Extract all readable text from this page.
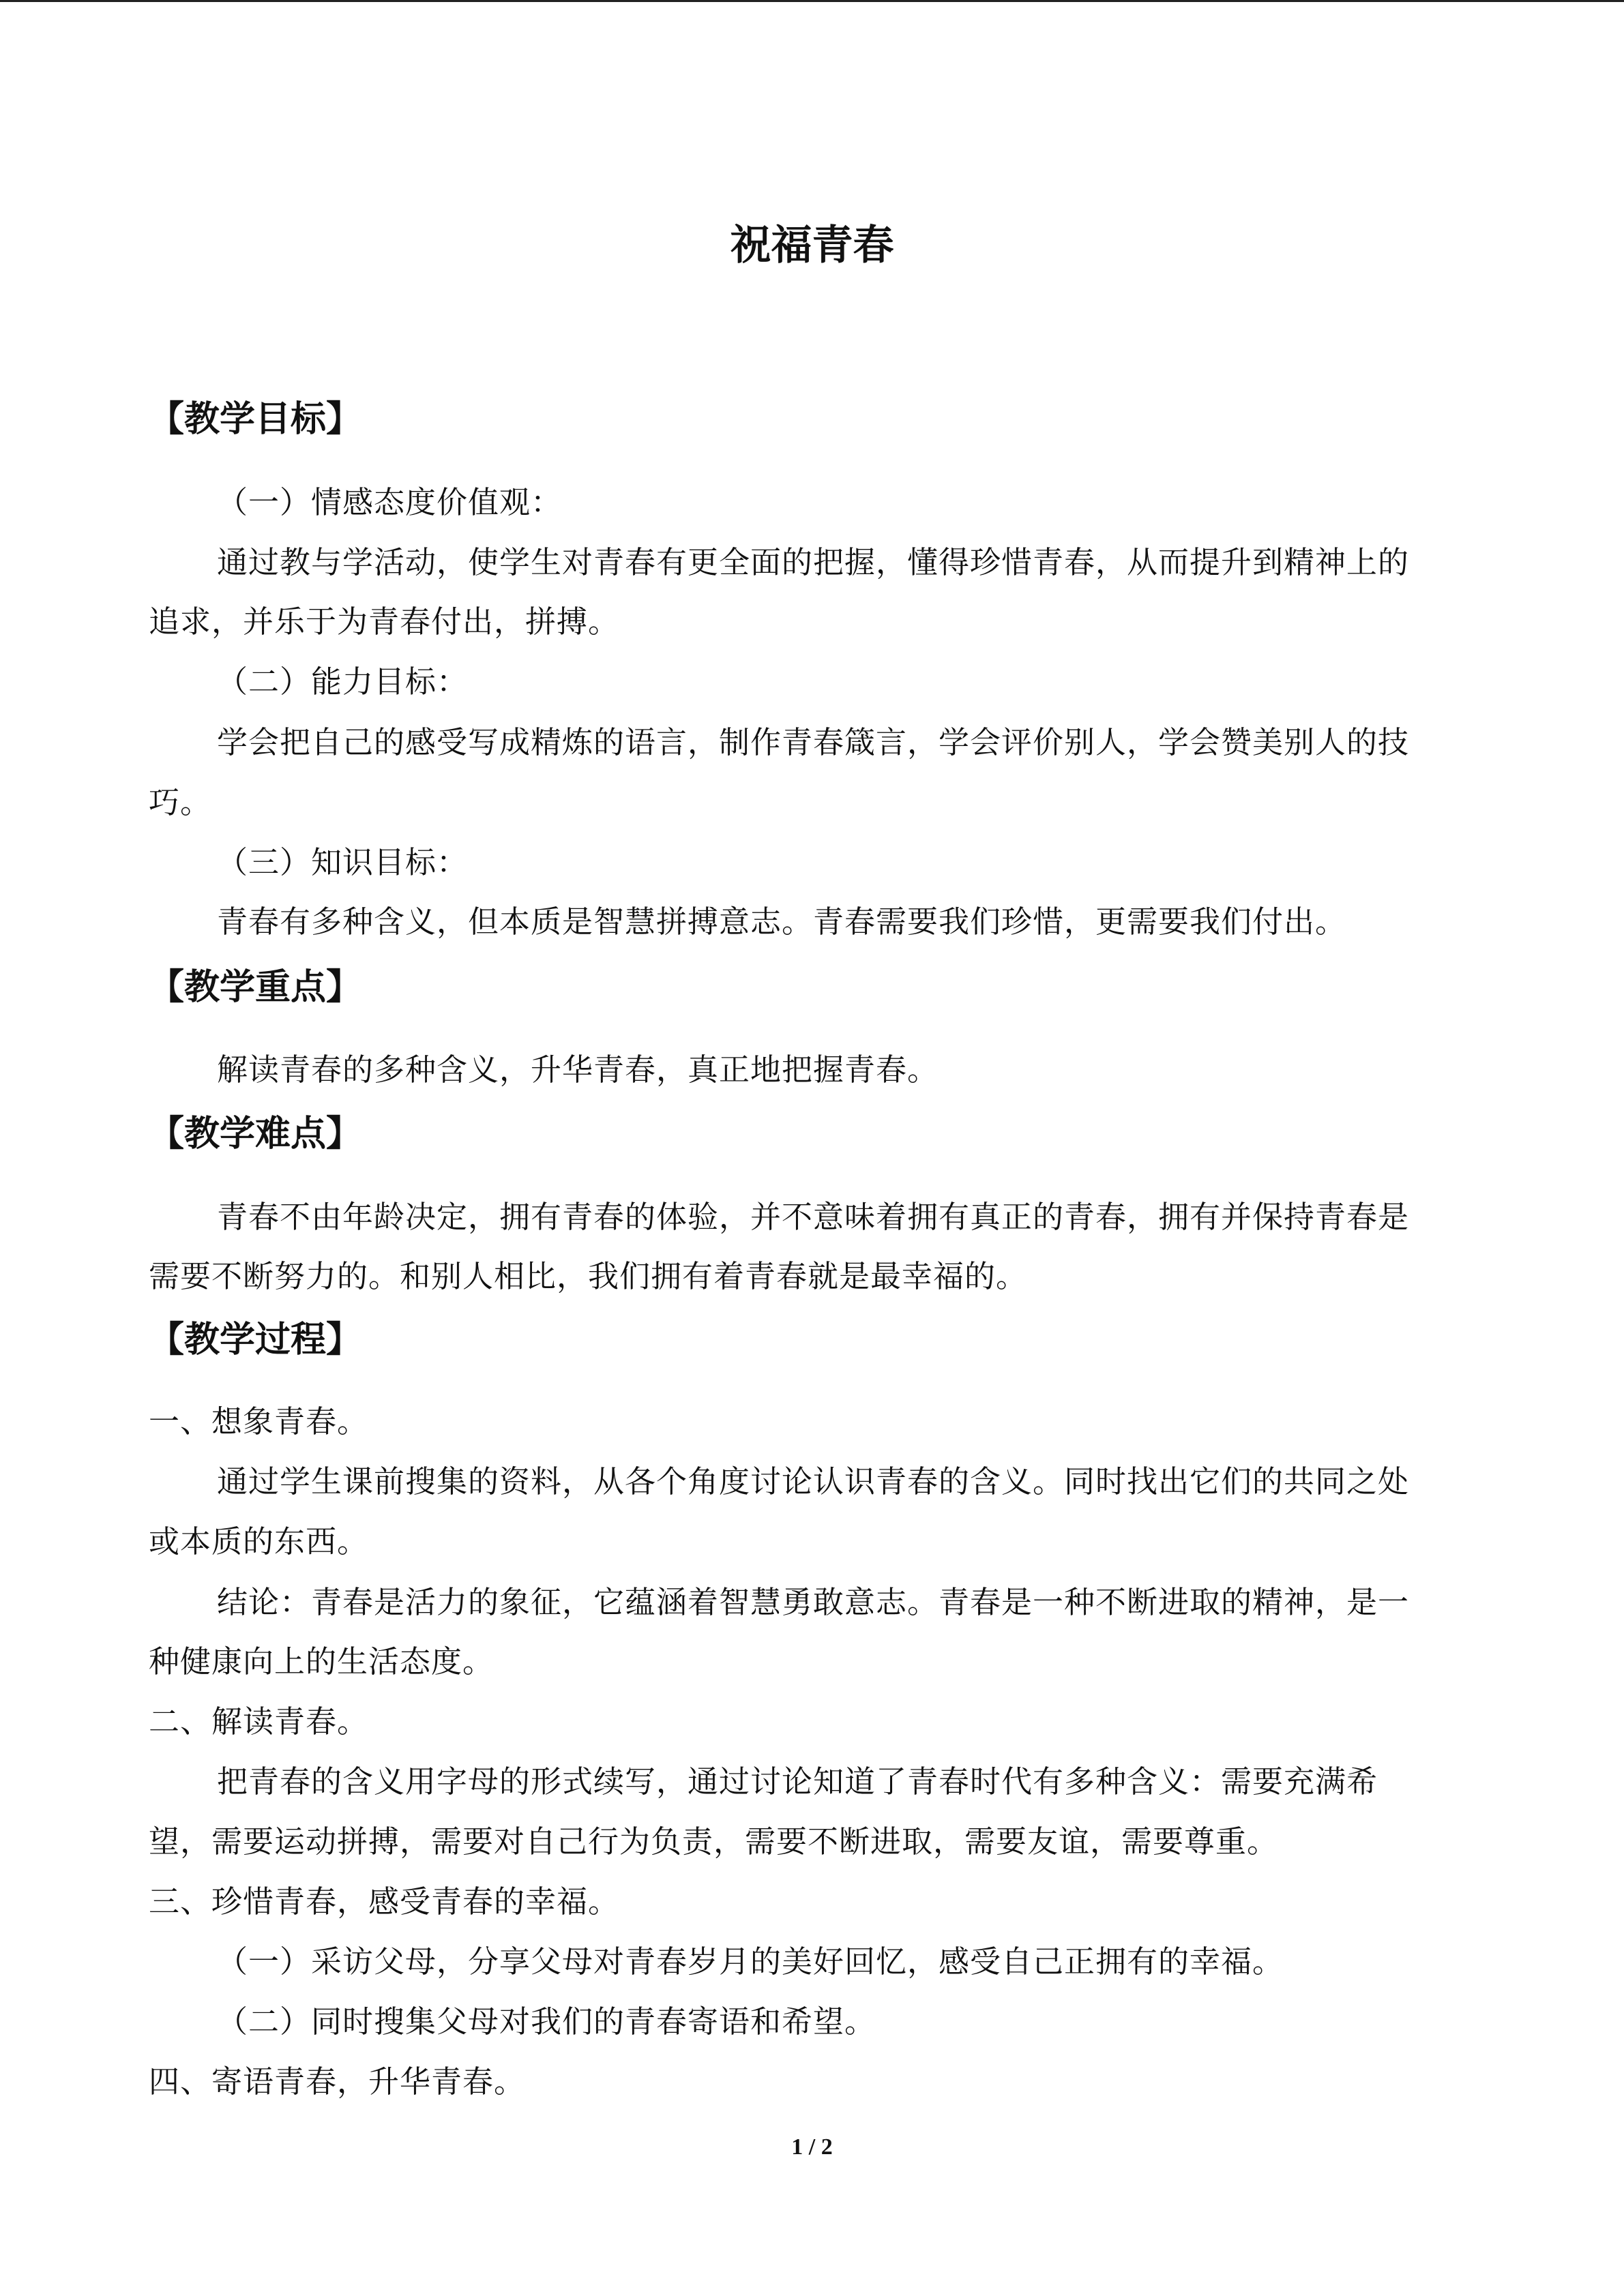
祝福青春
【教学目标】
（一）情感态度价值观：
通过教与学活动，使学生对青春有更全面的把握，懂得珍惜青春，从而提升到精神上的
追求，并乐于为青春付出，拼搏。
（二）能力目标：
学会把自己的感受写成精炼的语言，制作青春箴言，学会评价别人，学会赞美别人的技
巧。
（三）知识目标：
青春有多种含义，但本质是智慧拼搏意志。青春需要我们珍惜，更需要我们付出。
【教学重点】
解读青春的多种含义，升华青春，真正地把握青春。
【教学难点】
青春不由年龄决定，拥有青春的体验，并不意味着拥有真正的青春，拥有并保持青春是
需要不断努力的。和别人相比，我们拥有着青春就是最幸福的。
【教学过程】
一、想象青春。
通过学生课前搜集的资料，从各个角度讨论认识青春的含义。同时找出它们的共同之处
或本质的东西。
结论：青春是活力的象征，它蕴涵着智慧勇敢意志。青春是一种不断进取的精神，是一
种健康向上的生活态度。
二、解读青春。
把青春的含义用字母的形式续写，通过讨论知道了青春时代有多种含义：需要充满希
望，需要运动拼搏，需要对自己行为负责，需要不断进取，需要友谊，需要尊重。
三、珍惜青春，感受青春的幸福。
（一）采访父母，分享父母对青春岁月的美好回忆，感受自己正拥有的幸福。
（二）同时搜集父母对我们的青春寄语和希望。
四、寄语青春，升华青春。
1 / 2
